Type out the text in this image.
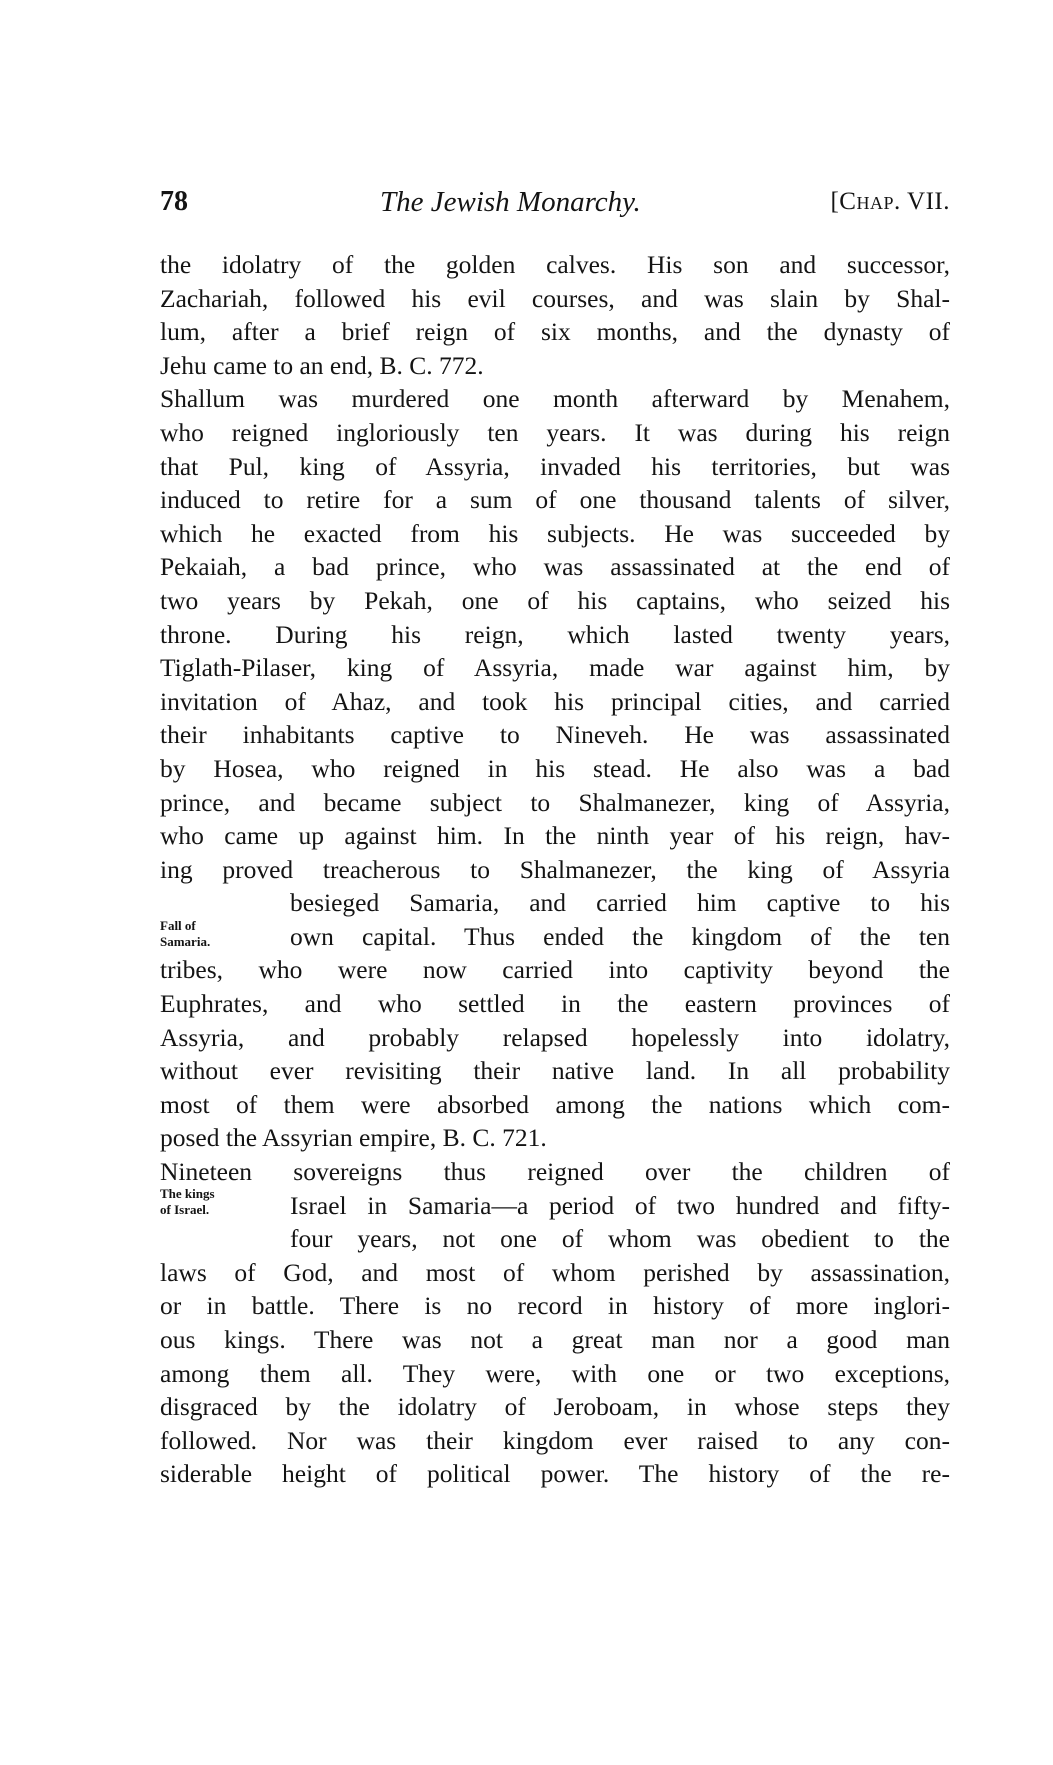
78	The Jewish Monarchy.	[Chap. VII.
Fall of
Samaria.
The kings
of Israel.
the idolatry of the golden calves. His son and successor,
Zachariah, followed his evil courses, and was slain by Shal-
lum, after a brief reign of six months, and the dynasty of
Jehu came to an end, B. C. 772.
Shallum was murdered one month afterward by Menahem,
who reigned ingloriously ten years. It was during his reign
that Pul, king of Assyria, invaded his territories, but was
induced to retire for a sum of one thousand talents of silver,
which he exacted from his subjects. He was succeeded by
Pekaiah, a bad prince, who was assassinated at the end of
two years by Pekah, one of his captains, who seized his
throne. During his reign, which lasted twenty years,
Tiglath-Pilaser, king of Assyria, made war against him, by
invitation of Ahaz, and took his principal cities, and carried
their inhabitants captive to Nineveh. He was assassinated
by Hosea, who reigned in his stead. He also was a bad
prince, and became subject to Shalmanezer, king of Assyria,
who came up against him. In the ninth year of his reign, hav-
ing proved treacherous to Shalmanezer, the king of Assyria
besieged Samaria, and carried him captive to his
own capital. Thus ended the kingdom of the ten
tribes, who were now carried into captivity beyond the
Euphrates, and who settled in the eastern provinces of
Assyria, and probably relapsed hopelessly into idolatry,
without ever revisiting their native land. In all probability
most of them were absorbed among the nations which com-
posed the Assyrian empire, B. C. 721.
Nineteen sovereigns thus reigned over the children of
Israel in Samaria—a period of two hundred and fifty-
four years, not one of whom was obedient to the
laws of God, and most of whom perished by assassination,
or in battle. There is no record in history of more inglori-
ous kings. There was not a great man nor a good man
among them all. They were, with one or two exceptions,
disgraced by the idolatry of Jeroboam, in whose steps they
followed. Nor was their kingdom ever raised to any con-
siderable height of political power. The history of the re-
